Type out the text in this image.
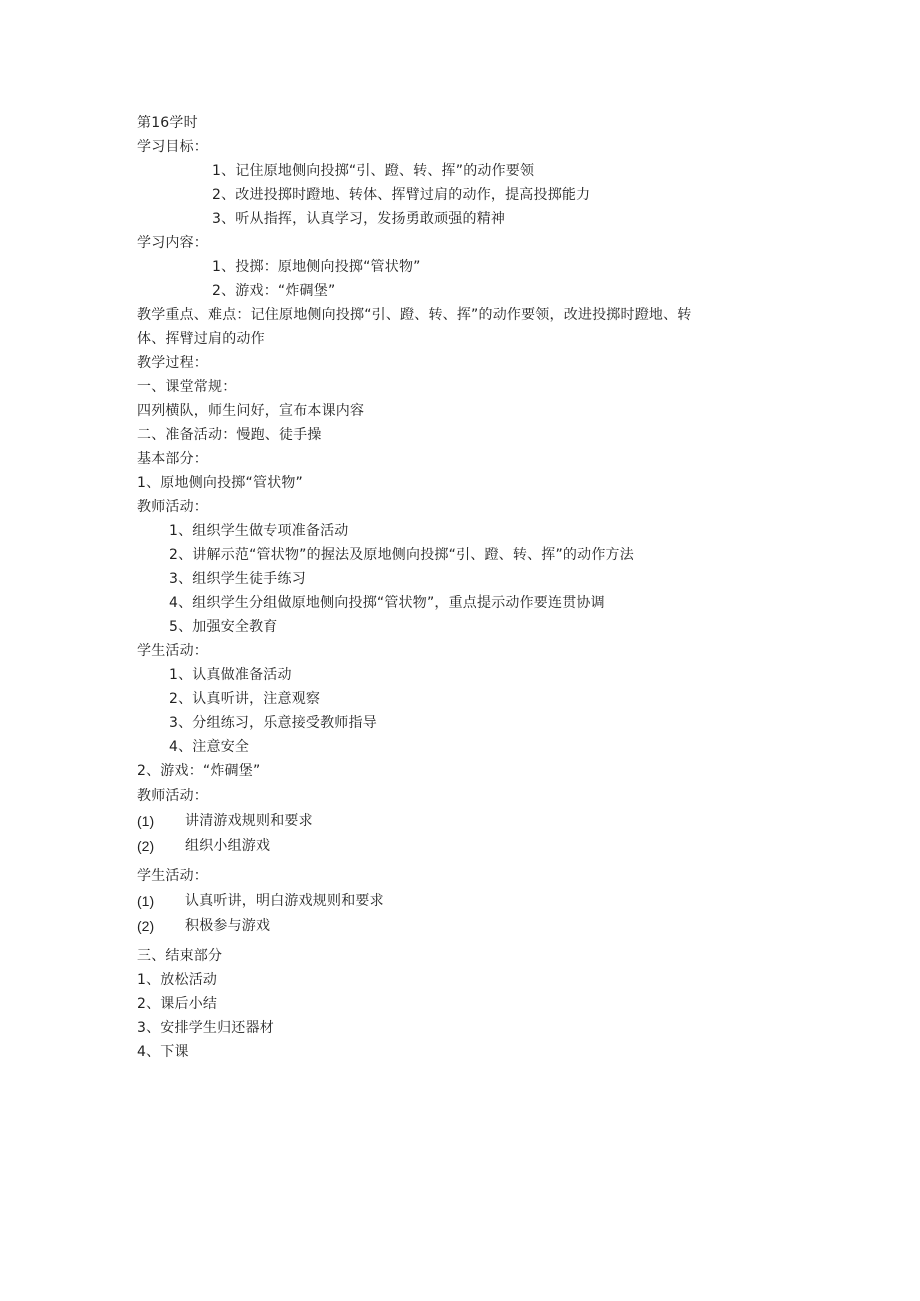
第16学时
学习目标：
1、记住原地侧向投掷“引、蹬、转、挥”的动作要领
2、改进投掷时蹬地、转体、挥臂过肩的动作，提高投掷能力
3、听从指挥，认真学习，发扬勇敢顽强的精神
学习内容：
1、投掷：原地侧向投掷“管状物”
2、游戏：“炸碉堡”
教学重点、难点：记住原地侧向投掷“引、蹬、转、挥”的动作要领，改进投掷时蹬地、转
体、挥臂过肩的动作
教学过程：
一、课堂常规：
四列横队，师生问好，宣布本课内容
二、准备活动：慢跑、徒手操
基本部分：
1、原地侧向投掷“管状物”
教师活动：
1、组织学生做专项准备活动
2、讲解示范“管状物”的握法及原地侧向投掷“引、蹬、转、挥”的动作方法
3、组织学生徒手练习
4、组织学生分组做原地侧向投掷“管状物”，重点提示动作要连贯协调
5、加强安全教育
学生活动：
1、认真做准备活动
2、认真听讲，注意观察
3、分组练习，乐意接受教师指导
4、注意安全
2、游戏：“炸碉堡”
教师活动：
(1) 讲清游戏规则和要求
(2) 组织小组游戏
学生活动：
(1) 认真听讲，明白游戏规则和要求
(2) 积极参与游戏
三、结束部分
1、放松活动
2、课后小结
3、安排学生归还器材
4、下课
